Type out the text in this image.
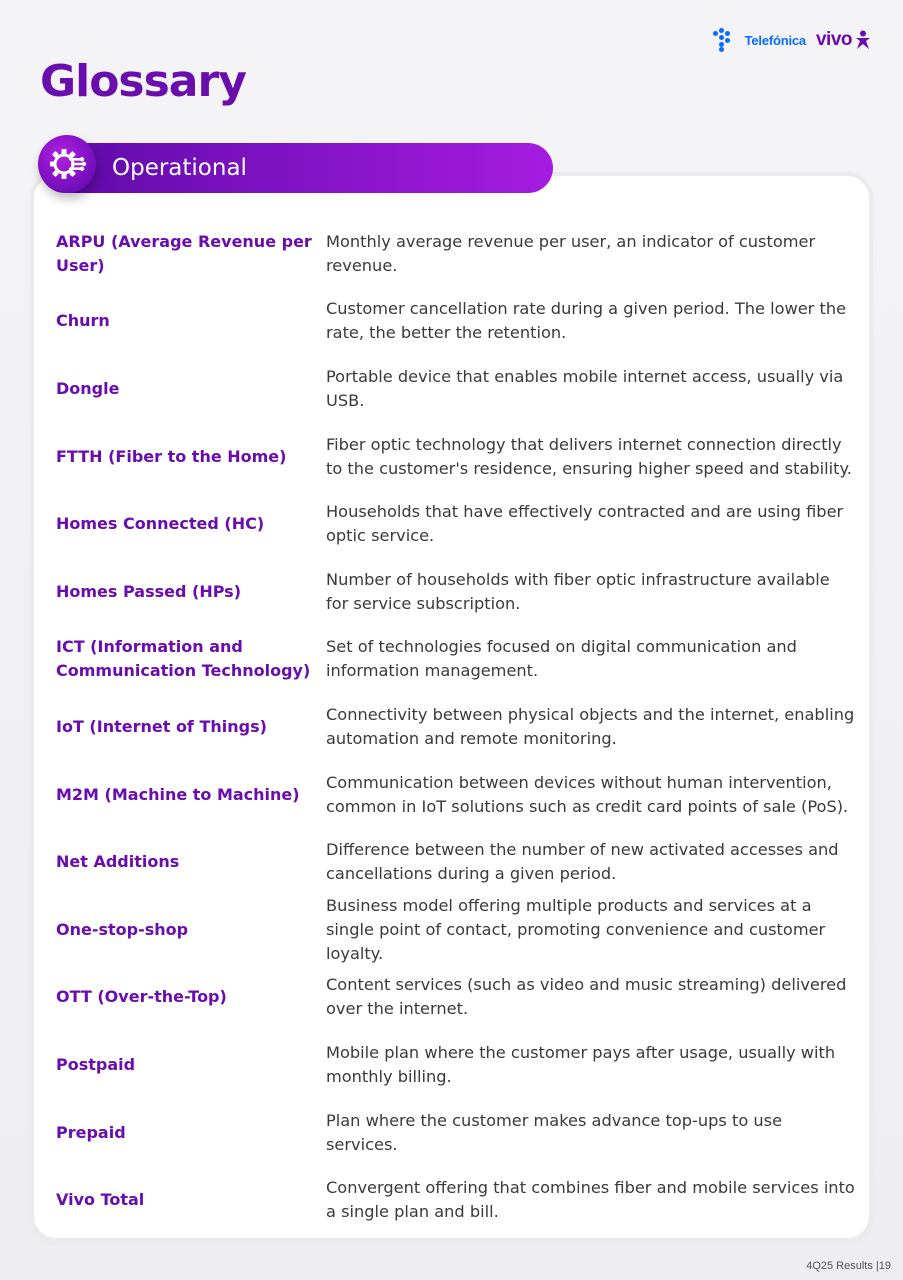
Telefónica vivo
Glossary
Operational
ARPU (Average Revenue per User)
Monthly average revenue per user, an indicator of customer revenue.
Churn
Customer cancellation rate during a given period. The lower the rate, the better the retention.
Dongle
Portable device that enables mobile internet access, usually via USB.
FTTH (Fiber to the Home)
Fiber optic technology that delivers internet connection directly to the customer's residence, ensuring higher speed and stability.
Homes Connected (HC)
Households that have effectively contracted and are using fiber optic service.
Homes Passed (HPs)
Number of households with fiber optic infrastructure available for service subscription.
ICT (Information and Communication Technology)
Set of technologies focused on digital communication and information management.
IoT (Internet of Things)
Connectivity between physical objects and the internet, enabling automation and remote monitoring.
M2M (Machine to Machine)
Communication between devices without human intervention, common in IoT solutions such as credit card points of sale (PoS).
Net Additions
Difference between the number of new activated accesses and cancellations during a given period.
One-stop-shop
Business model offering multiple products and services at a single point of contact, promoting convenience and customer loyalty.
OTT (Over-the-Top)
Content services (such as video and music streaming) delivered over the internet.
Postpaid
Mobile plan where the customer pays after usage, usually with monthly billing.
Prepaid
Plan where the customer makes advance top-ups to use services.
Vivo Total
Convergent offering that combines fiber and mobile services into a single plan and bill.
4Q25 Results |19
